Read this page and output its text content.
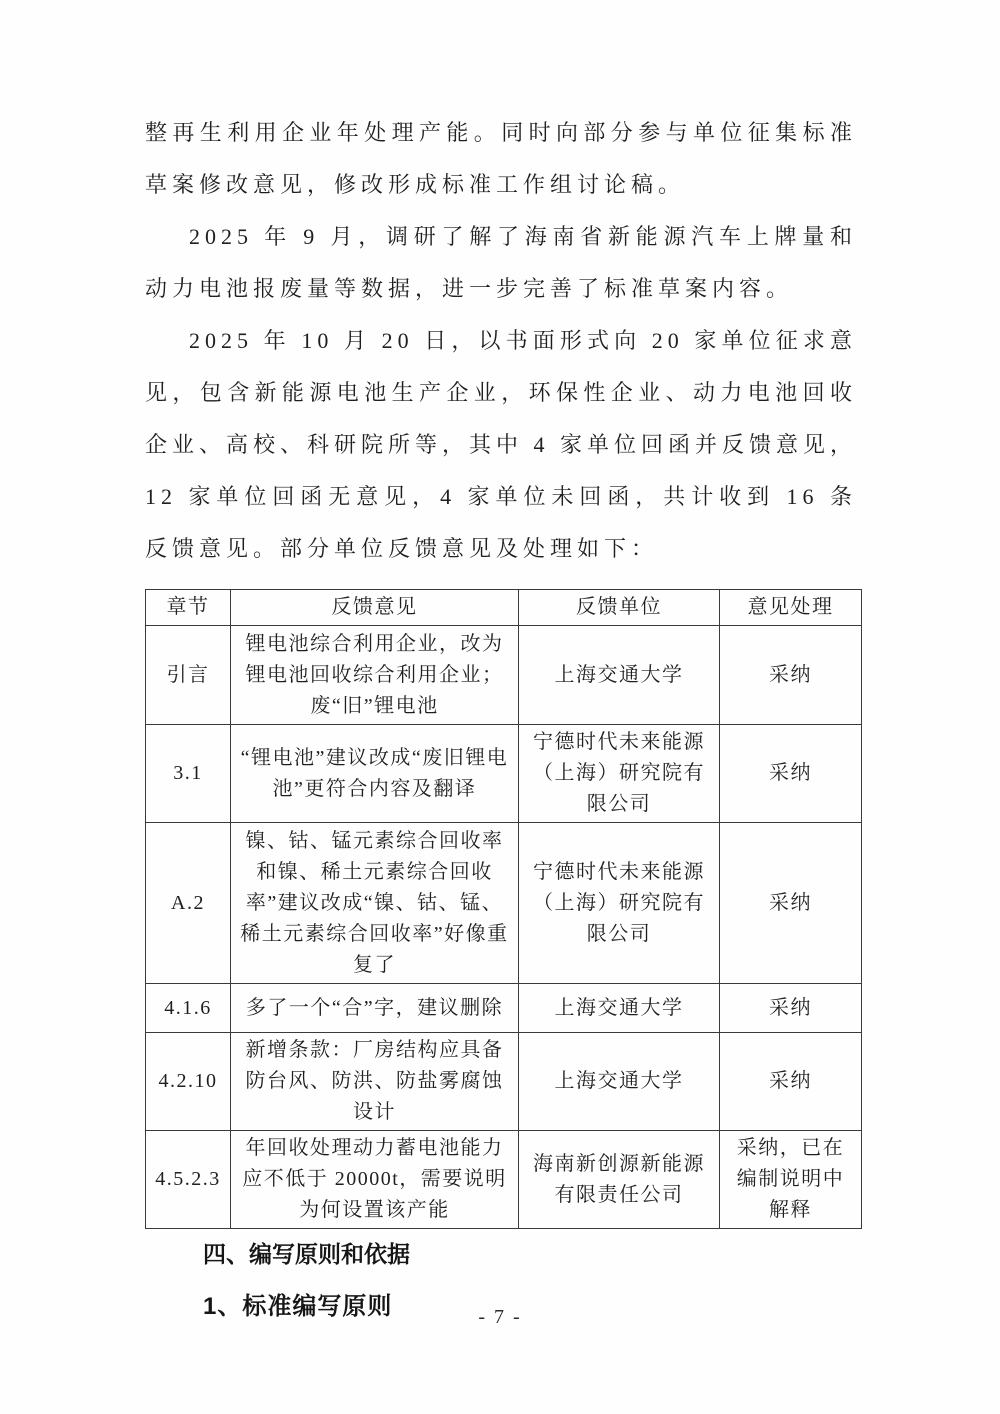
整再生利用企业年处理产能。同时向部分参与单位征集标准草案修改意见，修改形成标准工作组讨论稿。

2025 年 9 月，调研了解了海南省新能源汽车上牌量和动力电池报废量等数据，进一步完善了标准草案内容。

2025 年 10 月 20 日，以书面形式向 20 家单位征求意见，包含新能源电池生产企业，环保性企业、动力电池回收企业、高校、科研院所等，其中 4 家单位回函并反馈意见，12 家单位回函无意见，4 家单位未回函，共计收到 16 条反馈意见。部分单位反馈意见及处理如下：

章节	反馈意见	反馈单位	意见处理
引言	锂电池综合利用企业，改为锂电池回收综合利用企业；废“旧”锂电池	上海交通大学	采纳
3.1	“锂电池”建议改成“废旧锂电池”更符合内容及翻译	宁德时代未来能源（上海）研究院有限公司	采纳
A.2	镍、钴、锰元素综合回收率和镍、稀土元素综合回收率”建议改成“镍、钴、锰、稀土元素综合回收率”好像重复了	宁德时代未来能源（上海）研究院有限公司	采纳
4.1.6	多了一个“合”字，建议删除	上海交通大学	采纳
4.2.10	新增条款：厂房结构应具备防台风、防洪、防盐雾腐蚀设计	上海交通大学	采纳
4.5.2.3	年回收处理动力蓄电池能力应不低于 20000t，需要说明为何设置该产能	海南新创源新能源有限责任公司	采纳，已在编制说明中解释
四、编写原则和依据
1、标准编写原则	- 7 -
